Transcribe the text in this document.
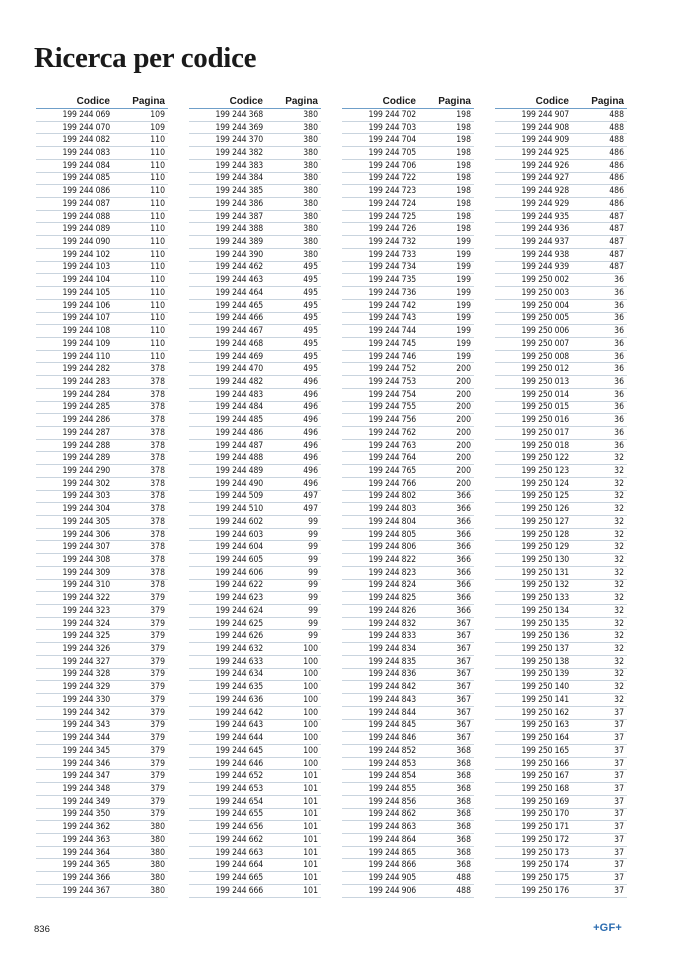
Ricerca per codice
Codice	Pagina
199 244 069	109
199 244 070	109
199 244 082	110
199 244 083	110
199 244 084	110
199 244 085	110
199 244 086	110
199 244 087	110
199 244 088	110
199 244 089	110
199 244 090	110
199 244 102	110
199 244 103	110
199 244 104	110
199 244 105	110
199 244 106	110
199 244 107	110
199 244 108	110
199 244 109	110
199 244 110	110
199 244 282	378
199 244 283	378
199 244 284	378
199 244 285	378
199 244 286	378
199 244 287	378
199 244 288	378
199 244 289	378
199 244 290	378
199 244 302	378
199 244 303	378
199 244 304	378
199 244 305	378
199 244 306	378
199 244 307	378
199 244 308	378
199 244 309	378
199 244 310	378
199 244 322	379
199 244 323	379
199 244 324	379
199 244 325	379
199 244 326	379
199 244 327	379
199 244 328	379
199 244 329	379
199 244 330	379
199 244 342	379
199 244 343	379
199 244 344	379
199 244 345	379
199 244 346	379
199 244 347	379
199 244 348	379
199 244 349	379
199 244 350	379
199 244 362	380
199 244 363	380
199 244 364	380
199 244 365	380
199 244 366	380
199 244 367	380
Codice	Pagina
199 244 368	380
199 244 369	380
199 244 370	380
199 244 382	380
199 244 383	380
199 244 384	380
199 244 385	380
199 244 386	380
199 244 387	380
199 244 388	380
199 244 389	380
199 244 390	380
199 244 462	495
199 244 463	495
199 244 464	495
199 244 465	495
199 244 466	495
199 244 467	495
199 244 468	495
199 244 469	495
199 244 470	495
199 244 482	496
199 244 483	496
199 244 484	496
199 244 485	496
199 244 486	496
199 244 487	496
199 244 488	496
199 244 489	496
199 244 490	496
199 244 509	497
199 244 510	497
199 244 602	99
199 244 603	99
199 244 604	99
199 244 605	99
199 244 606	99
199 244 622	99
199 244 623	99
199 244 624	99
199 244 625	99
199 244 626	99
199 244 632	100
199 244 633	100
199 244 634	100
199 244 635	100
199 244 636	100
199 244 642	100
199 244 643	100
199 244 644	100
199 244 645	100
199 244 646	100
199 244 652	101
199 244 653	101
199 244 654	101
199 244 655	101
199 244 656	101
199 244 662	101
199 244 663	101
199 244 664	101
199 244 665	101
199 244 666	101
Codice	Pagina
199 244 702	198
199 244 703	198
199 244 704	198
199 244 705	198
199 244 706	198
199 244 722	198
199 244 723	198
199 244 724	198
199 244 725	198
199 244 726	198
199 244 732	199
199 244 733	199
199 244 734	199
199 244 735	199
199 244 736	199
199 244 742	199
199 244 743	199
199 244 744	199
199 244 745	199
199 244 746	199
199 244 752	200
199 244 753	200
199 244 754	200
199 244 755	200
199 244 756	200
199 244 762	200
199 244 763	200
199 244 764	200
199 244 765	200
199 244 766	200
199 244 802	366
199 244 803	366
199 244 804	366
199 244 805	366
199 244 806	366
199 244 822	366
199 244 823	366
199 244 824	366
199 244 825	366
199 244 826	366
199 244 832	367
199 244 833	367
199 244 834	367
199 244 835	367
199 244 836	367
199 244 842	367
199 244 843	367
199 244 844	367
199 244 845	367
199 244 846	367
199 244 852	368
199 244 853	368
199 244 854	368
199 244 855	368
199 244 856	368
199 244 862	368
199 244 863	368
199 244 864	368
199 244 865	368
199 244 866	368
199 244 905	488
199 244 906	488
Codice	Pagina
199 244 907	488
199 244 908	488
199 244 909	488
199 244 925	486
199 244 926	486
199 244 927	486
199 244 928	486
199 244 929	486
199 244 935	487
199 244 936	487
199 244 937	487
199 244 938	487
199 244 939	487
199 250 002	36
199 250 003	36
199 250 004	36
199 250 005	36
199 250 006	36
199 250 007	36
199 250 008	36
199 250 012	36
199 250 013	36
199 250 014	36
199 250 015	36
199 250 016	36
199 250 017	36
199 250 018	36
199 250 122	32
199 250 123	32
199 250 124	32
199 250 125	32
199 250 126	32
199 250 127	32
199 250 128	32
199 250 129	32
199 250 130	32
199 250 131	32
199 250 132	32
199 250 133	32
199 250 134	32
199 250 135	32
199 250 136	32
199 250 137	32
199 250 138	32
199 250 139	32
199 250 140	32
199 250 141	32
199 250 162	37
199 250 163	37
199 250 164	37
199 250 165	37
199 250 166	37
199 250 167	37
199 250 168	37
199 250 169	37
199 250 170	37
199 250 171	37
199 250 172	37
199 250 173	37
199 250 174	37
199 250 175	37
199 250 176	37
836	+GF+
